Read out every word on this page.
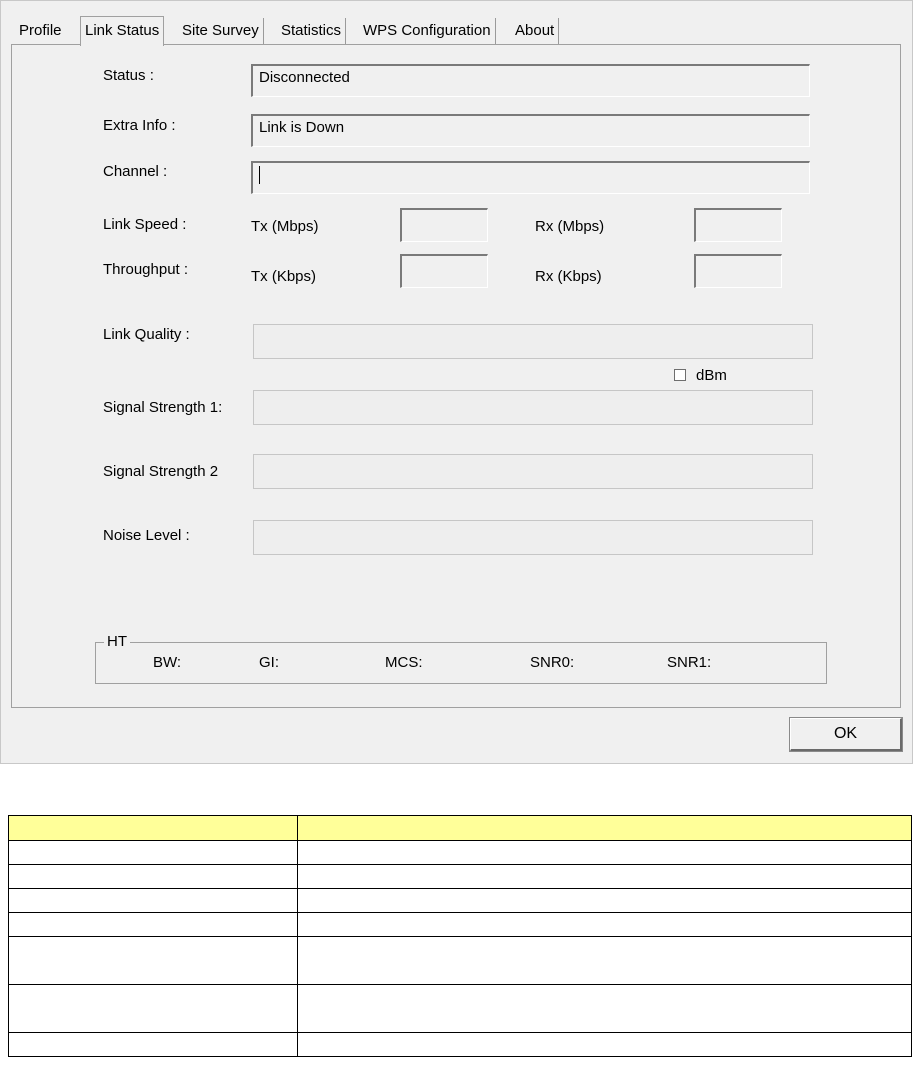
Profile	Link Status	Site Survey	Statistics	WPS Configuration	About
Status :	Disconnected
Extra Info :	Link is Down
Channel :
Link Speed :	Tx (Mbps)	Rx (Mbps)
Throughput :	Tx (Kbps)	Rx (Kbps)
Link Quality :
dBm
Signal Strength 1:
Signal Strength 2
Noise Level :
HT
BW:	GI:	MCS:	SNR0:	SNR1:
OK
